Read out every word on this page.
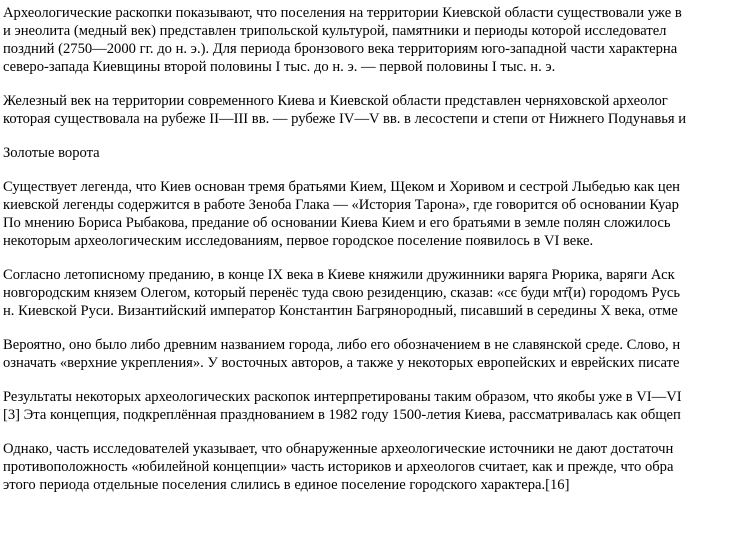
Археологические раскопки показывают, что поселения на территории Киевской области существовали уже в
и энеолита (медный век) представлен трипольской культурой, памятники и периоды которой исследовател
поздний (2750—2000 гг. до н. э.). Для периода бронзового века территориям юго-западной части характерна
северо-запада Киевщины второй половины I тыс. до н. э. — первой половины I тыс. н. э.

Железный век на территории современного Киева и Киевской области представлен черняховской археолог
которая существовала на рубеже II—III вв. — рубеже IV—V вв. в лесостепи и степи от Нижнего Подунавья и

Золотые ворота

Существует легенда, что Киев основан тремя братьями Кием, Щеком и Хоривом и сестрой Лыбедью как цен
киевской легенды содержится в работе Зеноба Глака — «История Тарона», где говорится об основании Куар
По мнению Бориса Рыбакова, предание об основании Киева Кием и его братьями в земле полян сложилось
некоторым археологическим исследованиям, первое городское поселение появилось в VI веке.

Согласно летописному преданию, в конце IX века в Киеве княжили дружинники варяга Рюрика, варяги Аск
новгородским князем Олегом, который перенёс туда свою резиденцию, сказав: «сє буди мт҃(и) городомъ Русь
н. Киевской Руси. Византийский император Константин Багрянородный, писавший в середины X века, отме

Вероятно, оно было либо древним названием города, либо его обозначением в не славянской среде. Слово, н
означать «верхние укрепления». У восточных авторов, а также у некоторых европейских и еврейских писате

Результаты некоторых археологических раскопок интерпретированы таким образом, что якобы уже в VI—VI
[3] Эта концепция, подкреплённая празднованием в 1982 году 1500-летия Киева, рассматривалась как общеп

Однако, часть исследователей указывает, что обнаруженные археологические источники не дают достаточн
противоположность «юбилейной концепции» часть историков и археологов считает, как и прежде, что обра
этого периода отдельные поселения слились в единое поселение городского характера.[16]
